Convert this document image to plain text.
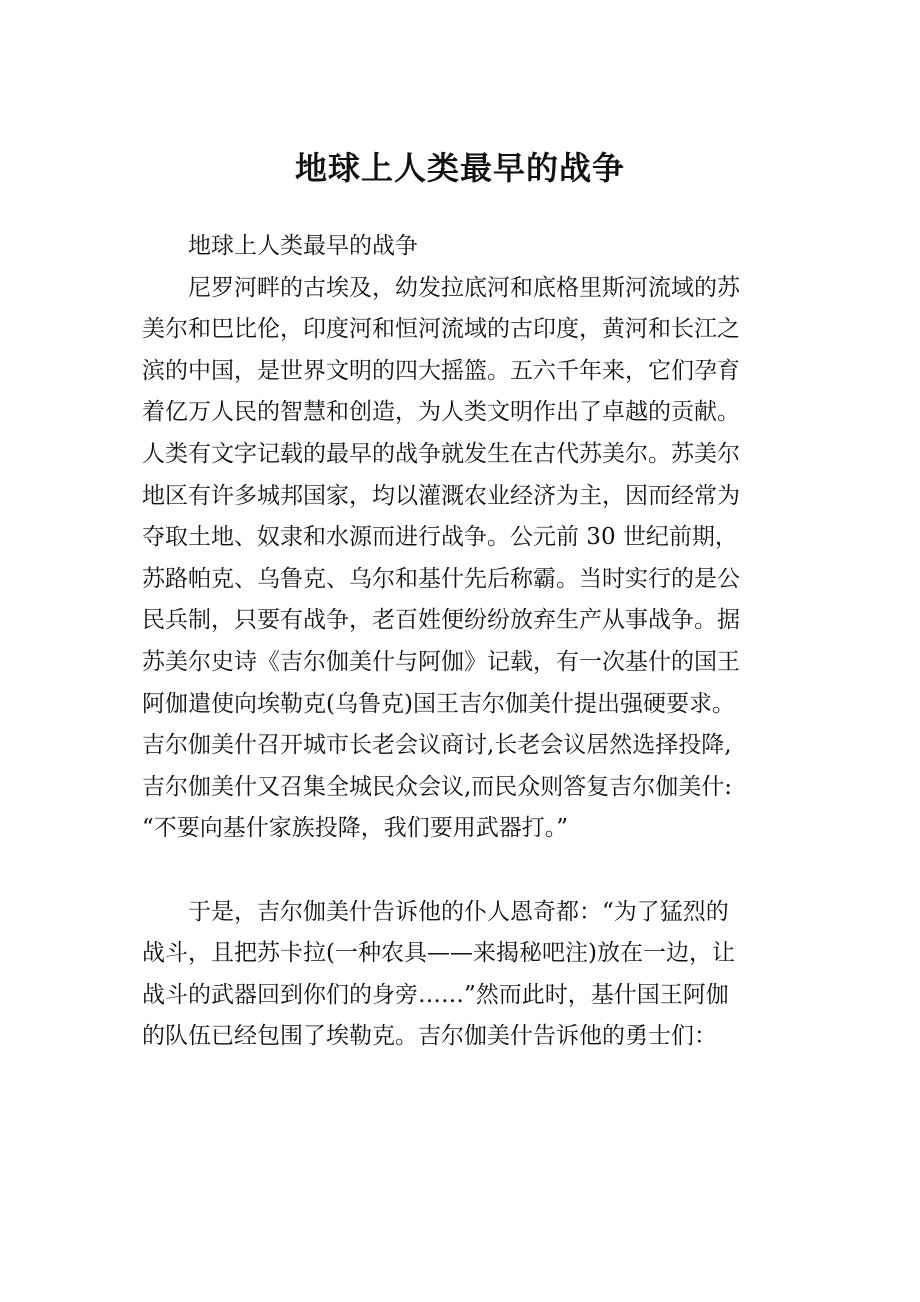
地球上人类最早的战争
地球上人类最早的战争
尼罗河畔的古埃及，幼发拉底河和底格里斯河流域的苏
美尔和巴比伦，印度河和恒河流域的古印度，黄河和长江之
滨的中国，是世界文明的四大摇篮。五六千年来，它们孕育
着亿万人民的智慧和创造，为人类文明作出了卓越的贡献。
人类有文字记载的最早的战争就发生在古代苏美尔。苏美尔
地区有许多城邦国家，均以灌溉农业经济为主，因而经常为
夺取土地、奴隶和水源而进行战争。公元前 30 世纪前期，
苏路帕克、乌鲁克、乌尔和基什先后称霸。当时实行的是公
民兵制，只要有战争，老百姓便纷纷放弃生产从事战争。据
苏美尔史诗《吉尔伽美什与阿伽》记载，有一次基什的国王
阿伽遣使向埃勒克(乌鲁克)国王吉尔伽美什提出强硬要求。
吉尔伽美什召开城市长老会议商讨,长老会议居然选择投降,
吉尔伽美什又召集全城民众会议,而民众则答复吉尔伽美什:
“不要向基什家族投降，我们要用武器打。”
于是，吉尔伽美什告诉他的仆人恩奇都：“为了猛烈的
战斗，且把苏卡拉(一种农具——来揭秘吧注)放在一边，让
战斗的武器回到你们的身旁……”然而此时，基什国王阿伽
的队伍已经包围了埃勒克。吉尔伽美什告诉他的勇士们：
